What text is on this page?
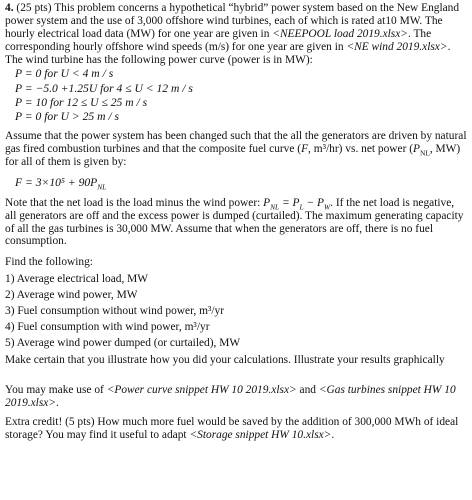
4. (25 pts) This problem concerns a hypothetical “hybrid” power system based on the New England power system and the use of 3,000 offshore wind turbines, each of which is rated at10 MW. The hourly electrical load data (MW) for one year are given in <NEEPOOL load 2019.xlsx>. The corresponding hourly offshore wind speeds (m/s) for one year are given in <NE wind 2019.xlsx>. The wind turbine has the following power curve (power is in MW):

P = 0 for U < 4 m / s

P = −5.0 +1.25U for 4 ≤ U < 12 m / s

P = 10 for 12 ≤ U ≤ 25 m / s

P = 0 for U > 25 m / s

Assume that the power system has been changed such that the all the generators are driven by natural gas fired combustion turbines and that the composite fuel curve (F, m³/hr) vs. net power ($P_{NL}$, MW) for all of them is given by:

$F = 3\times 10^5 + 90P_{NL}$

Note that the net load is the load minus the wind power: $P_{NL} = P_L - P_W$. If the net load is negative, all generators are off and the excess power is dumped (curtailed). The maximum generating capacity of all the gas turbines is 30,000 MW. Assume that when the generators are off, there is no fuel consumption.

Find the following:

1) Average electrical load, MW

2) Average wind power, MW

3) Fuel consumption without wind power, m³/yr

4) Fuel consumption with wind power, m³/yr

5) Average wind power dumped (or curtailed), MW

Make certain that you illustrate how you did your calculations. Illustrate your results graphically

You may make use of <Power curve snippet HW 10 2019.xlsx> and <Gas turbines snippet HW 10 2019.xlsx>.

Extra credit! (5 pts) How much more fuel would be saved by the addition of 300,000 MWh of ideal storage? You may find it useful to adapt <Storage snippet HW 10.xlsx>.
